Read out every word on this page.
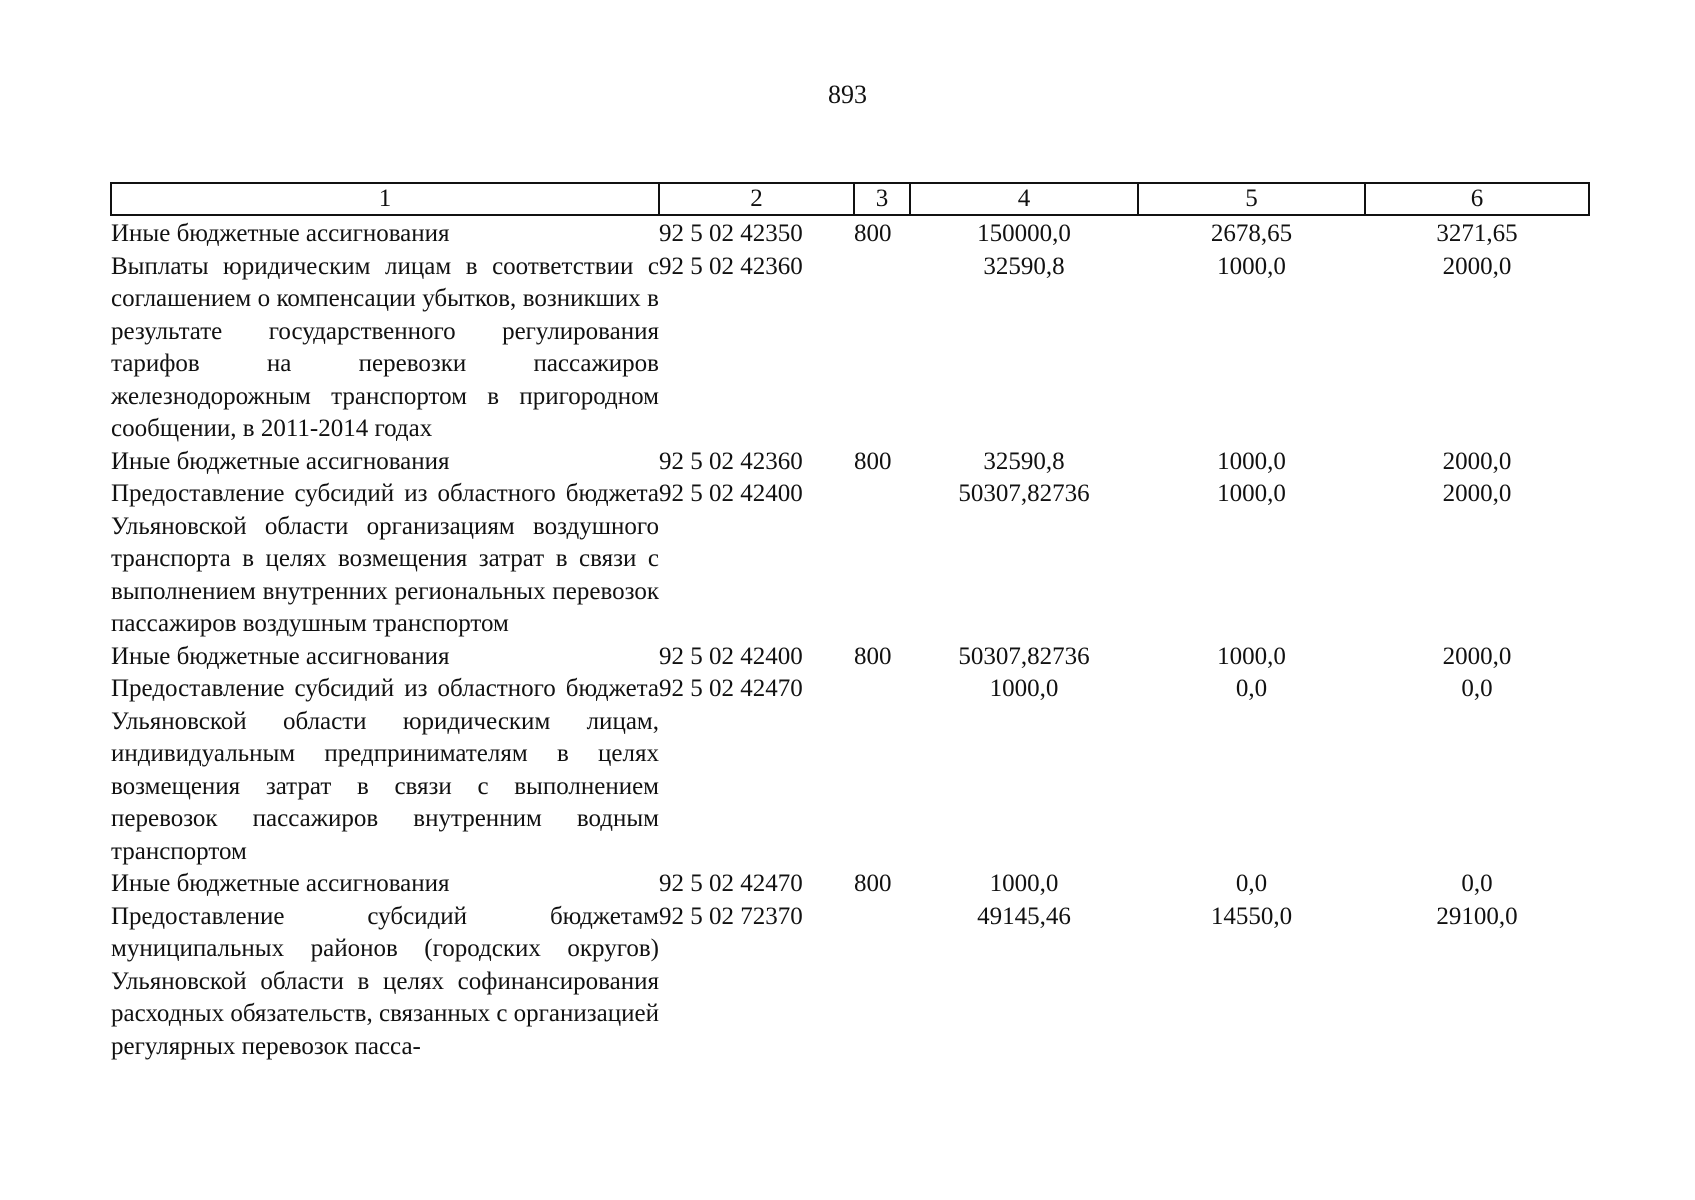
893
1	2	3	4	5	6
Иные бюджетные ассигнования	92 5 02 42350	800	150000,0	2678,65	3271,65
Выплаты юридическим лицам в соответствии с соглашением о компенсации убытков, возникших в результате государственного регулирования тарифов на перевозки пассажиров железнодорожным транспортом в пригородном сообщении, в 2011-2014 годах	92 5 02 42360		32590,8	1000,0	2000,0
Иные бюджетные ассигнования	92 5 02 42360	800	32590,8	1000,0	2000,0
Предоставление субсидий из областного бюджета Ульяновской области организациям воздушного транспорта в целях возмещения затрат в связи с выполнением внутренних региональных перевозок пассажиров воздушным транспортом	92 5 02 42400		50307,82736	1000,0	2000,0
Иные бюджетные ассигнования	92 5 02 42400	800	50307,82736	1000,0	2000,0
Предоставление субсидий из областного бюджета Ульяновской области юридическим лицам, индивидуальным предпринимателям в целях возмещения затрат в связи с выполнением перевозок пассажиров внутренним водным транспортом	92 5 02 42470		1000,0	0,0	0,0
Иные бюджетные ассигнования	92 5 02 42470	800	1000,0	0,0	0,0
Предоставление субсидий бюджетам муниципальных районов (городских округов) Ульяновской области в целях софинансирования расходных обязательств, связанных с организацией регулярных перевозок пасса-	92 5 02 72370		49145,46	14550,0	29100,0
